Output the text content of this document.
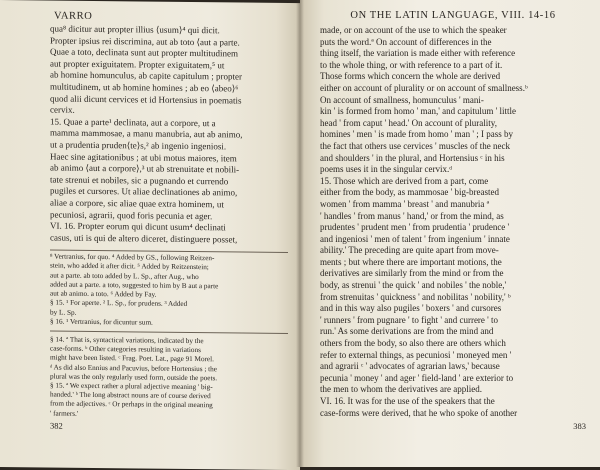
VARRO
qua⁸ dicitur aut propter illius ⟨usum⟩⁴ qui dicit.
Propter ipsius rei discrimina, aut ab toto ⟨aut a parte.
Quae a toto, declinata sunt aut propter multitudinem
aut propter exiguitatem. Propter exiguitatem,⁵ ut
ab homine homunculus, ab capite capitulum ; propter
multitudinem, ut ab homine homines ; ab eo ⟨abeo⟩⁶
quod alii dicunt cervices et id Hortensius in poematis
cervix.
15. Quae a parte¹ declinata, aut a corpore, ut a
mamma mammosae, a manu manubria, aut ab animo,
ut a prudentia pruden⟨te⟩s,² ab ingenio ingeniosi.
Haec sine agitationibus ; at ubi motus maiores, item
ab animo ⟨aut a corpore⟩,³ ut ab strenuitate et nobili-
tate strenui et nobiles, sic a pugnando et currendo
pugiles et cursores. Ut aliae declinationes ab animo,
aliae a corpore, sic aliae quae extra hominem, ut
pecuniosi, agrarii, quod foris pecunia et ager.
VI. 16. Propter eorum qui dicunt usum⁴ declinati
casus, uti is qui de altero diceret, distinguere posset,
⁸ Vertranius, for quo. ⁴ Added by GS., following Reitzen-
stein, who added it after dicit. ⁵ Added by Reitzenstein;
aut a parte. ab toto added by L. Sp., after Aug., who
added aut a parte. a toto, suggested to him by B aut a parte
aut ab animo. a toto. ⁶ Added by Fay.
§ 15. ¹ For aperte. ² L. Sp., for prudens. ³ Added
by L. Sp.
§ 16. ¹ Vertranius, for dicuntur sum.
§ 14. ª That is, syntactical variations, indicated by the
case-forms. ᵇ Other categories resulting in variations
might have been listed. ᶜ Frag. Poet. Lat., page 91 Morel.
ᵈ As did also Ennius and Pacuvius, before Hortensius ; the
plural was the only regularly used form, outside the poets.
§ 15. ª We expect rather a plural adjective meaning ' big-
handed.' ᵇ The long abstract nouns are of course derived
from the adjectives. ᶜ Or perhaps in the original meaning
' farmers.'
382
ON THE LATIN LANGUAGE, VIII. 14-16
made, or on account of the use to which the speaker
puts the word.ª On account of differences in the
thing itself, the variation is made either with reference
to the whole thing, or with reference to a part of it.
Those forms which concern the whole are derived
either on account of plurality or on account of smallness.ᵇ
On account of smallness, homunculus ' mani-
kin ' is formed from homo ' man,' and capitulum ' little
head ' from caput ' head.' On account of plurality,
homines ' men ' is made from homo ' man ' ; I pass by
the fact that others use cervices ' muscles of the neck
and shoulders ' in the plural, and Hortensius ᶜ in his
poems uses it in the singular cervix.ᵈ
15. Those which are derived from a part, come
either from the body, as mammosae ' big-breasted
women ' from mamma ' breast ' and manubria ª
' handles ' from manus ' hand,' or from the mind, as
prudentes ' prudent men ' from prudentia ' prudence '
and ingeniosi ' men of talent ' from ingenium ' innate
ability.' The preceding are quite apart from move-
ments ; but where there are important motions, the
derivatives are similarly from the mind or from the
body, as strenui ' the quick ' and nobiles ' the noble,'
from strenuitas ' quickness ' and nobilitas ' nobility,' ᵇ
and in this way also pugiles ' boxers ' and cursores
' runners ' from pugnare ' to fight ' and currere ' to
run.' As some derivations are from the mind and
others from the body, so also there are others which
refer to external things, as pecuniosi ' moneyed men '
and agrarii ᶜ ' advocates of agrarian laws,' because
pecunia ' money ' and ager ' field-land ' are exterior to
the men to whom the derivatives are applied.
VI. 16. It was for the use of the speakers that the
case-forms were derived, that he who spoke of another
383
